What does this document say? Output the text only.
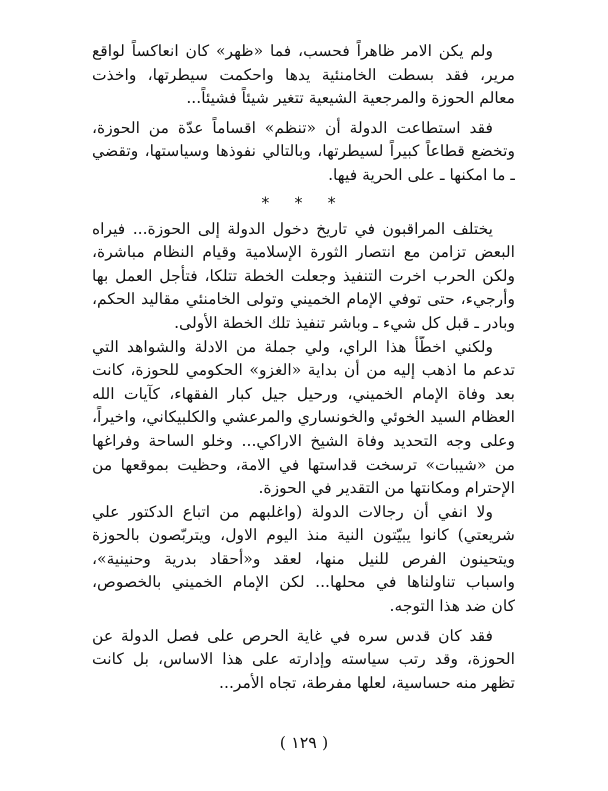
ولم يكن الامر ظاهراً فحسب، فما «ظهر» كان انعاكساً لواقع
مرير، فقد بسطت الخامنئية يدها واحكمت سيطرتها، واخذت
معالم الحوزة والمرجعية الشيعية تتغير شيئاً فشيئاً...
فقد استطاعت الدولة أن «تنظم» اقساماً عدّة من الحوزة،
وتخضع قطاعاً كبيراً لسيطرتها، وبالتالي نفوذها وسياستها، وتقضي
ـ ما امكنها ـ على الحرية فيها.
* * *
يختلف المراقبون في تاريخ دخول الدولة إلى الحوزة... فيراه
البعض تزامن مع انتصار الثورة الإسلامية وقيام النظام مباشرة،
ولكن الحرب اخرت التنفيذ وجعلت الخطة تتلكا، فتأجل العمل بها
وأرجيء، حتى توفي الإمام الخميني وتولى الخامنئي مقاليد الحكم،
وبادر ـ قبل كل شيء ـ وباشر تنفيذ تلك الخطة الأولى.
ولكني اخطّأ هذا الراي، ولي جملة من الادلة والشواهد التي
تدعم ما اذهب إليه من أن بداية «الغزو» الحكومي للحوزة، كانت
بعد وفاة الإمام الخميني، ورحيل جيل كبار الفقهاء، كآيات الله
العظام السيد الخوئي والخونساري والمرعشي والكلبيكاني، واخيراً،
وعلى وجه التحديد وفاة الشيخ الاراكي... وخلو الساحة وفراغها
من «شيبات» ترسخت قداستها في الامة، وحظيت بموقعها من
الإحترام ومكانتها من التقدير في الحوزة.
ولا انفي أن رجالات الدولة (واغلبهم من اتباع الدكتور علي
شريعتي) كانوا يبيّتون النية منذ اليوم الاول، ويتربّصون بالحوزة
ويتحينون الفرص للنيل منها، لعقد و«أحقاد بدرية وحنينية»،
واسباب تناولناها في محلها... لكن الإمام الخميني بالخصوص،
كان ضد هذا التوجه.
فقد كان قدس سره في غاية الحرص على فصل الدولة عن
الحوزة، وقد رتب سياسته وإدارته على هذا الاساس، بل كانت
تظهر منه حساسية، لعلها مفرطة، تجاه الأمر...
( ١٢٩ )
